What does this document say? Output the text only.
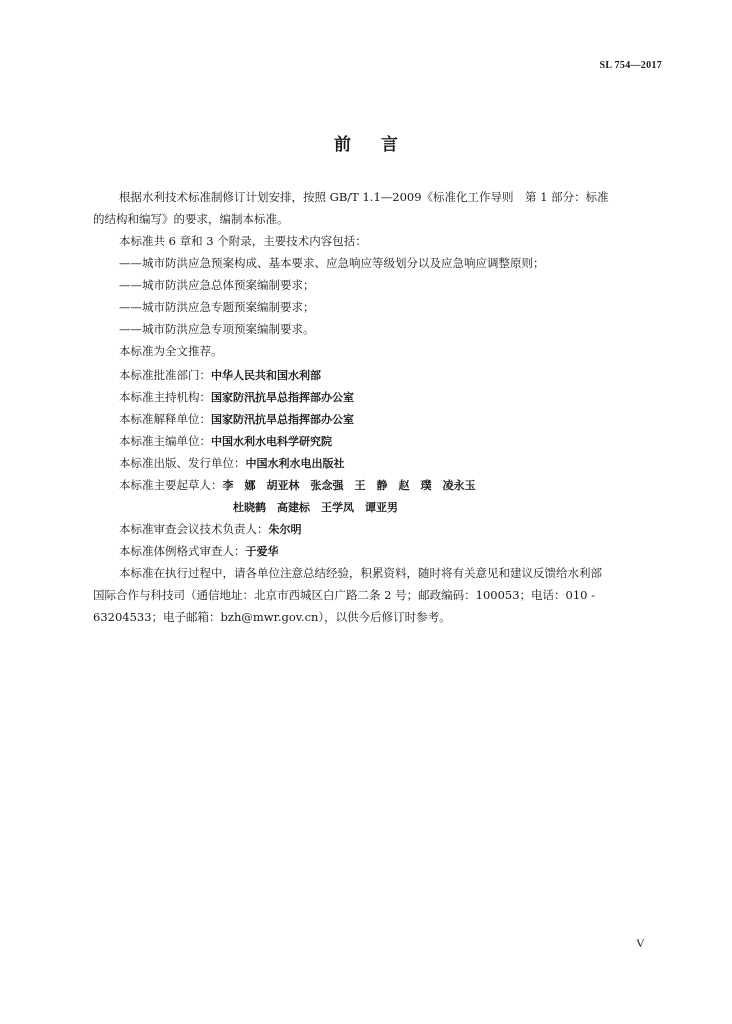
SL 754—2017
前言
根据水利技术标准制修订计划安排，按照 GB/T 1.1—2009《标准化工作导则　第 1 部分：标准
的结构和编写》的要求，编制本标准。
本标准共 6 章和 3 个附录，主要技术内容包括：
——城市防洪应急预案构成、基本要求、应急响应等级划分以及应急响应调整原则；
——城市防洪应急总体预案编制要求；
——城市防洪应急专题预案编制要求；
——城市防洪应急专项预案编制要求。
本标准为全文推荐。
本标准批准部门：中华人民共和国水利部
本标准主持机构：国家防汛抗旱总指挥部办公室
本标准解释单位：国家防汛抗旱总指挥部办公室
本标准主编单位：中国水利水电科学研究院
本标准出版、发行单位：中国水利水电出版社
本标准主要起草人：李　娜　胡亚林　张念强　王　静　赵　璞　凌永玉
杜晓鹤　高建标　王学凤　谭亚男
本标准审查会议技术负责人：朱尔明
本标准体例格式审查人：于爱华
本标准在执行过程中，请各单位注意总结经验，积累资料，随时将有关意见和建议反馈给水利部
国际合作与科技司（通信地址：北京市西城区白广路二条 2 号；邮政编码：100053；电话：010 -
63204533；电子邮箱：bzh@mwr.gov.cn），以供今后修订时参考。
V
